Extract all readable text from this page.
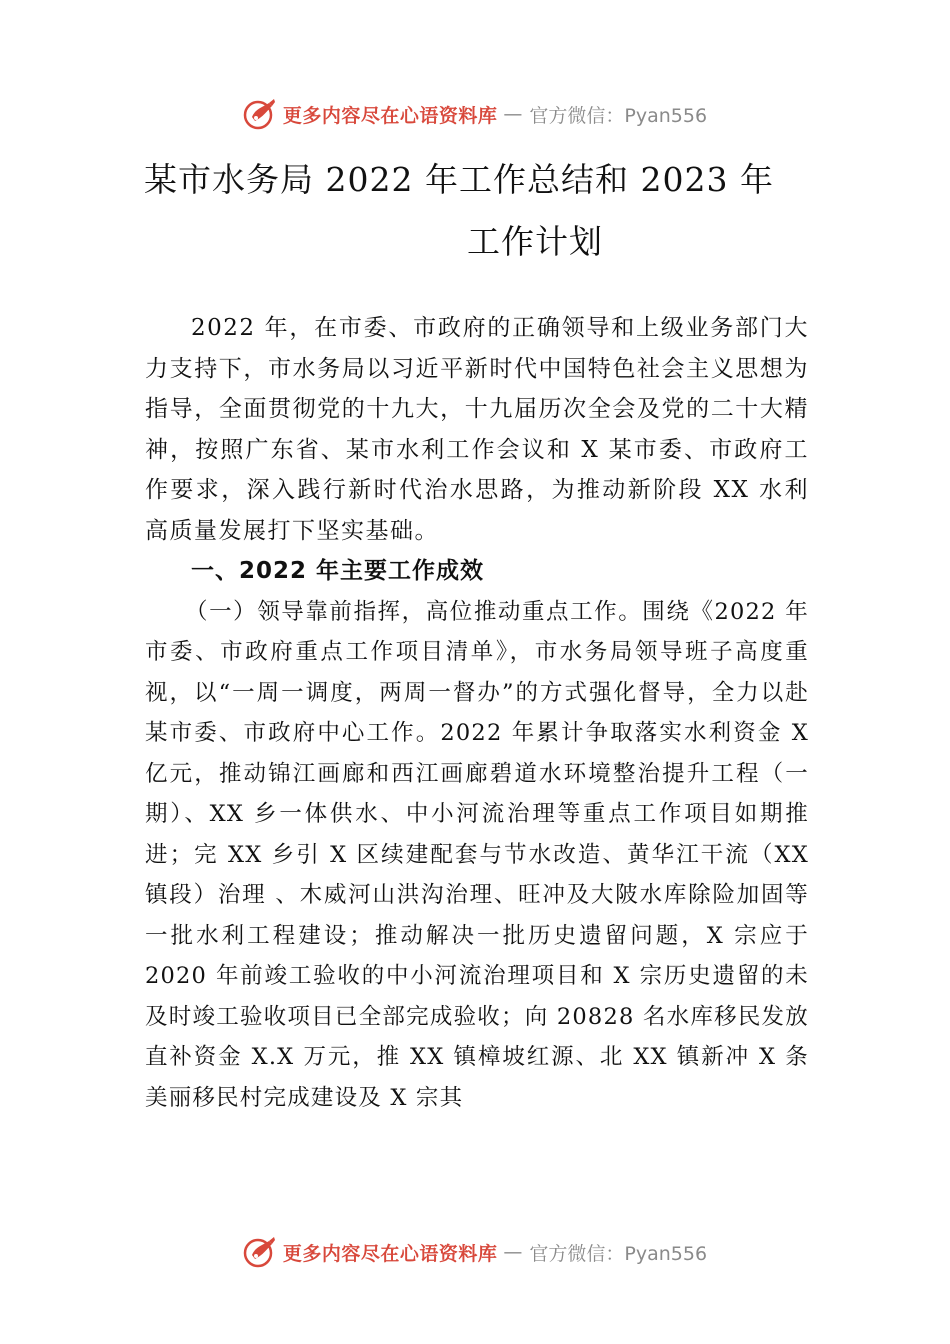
更多内容尽在心语资料库 — 官方微信：Pyan556
某市水务局 2022 年工作总结和 2023 年
工作计划

2022 年，在市委、市政府的正确领导和上级业务部门大力支持下，市水务局以习近平新时代中国特色社会主义思想为指导，全面贯彻党的十九大，十九届历次全会及党的二十大精神，按照广东省、某市水利工作会议和 X 某市委、市政府工作要求，深入践行新时代治水思路，为推动新阶段 XX 水利高质量发展打下坚实基础。

一、2022 年主要工作成效

（一）领导靠前指挥，高位推动重点工作。围绕《2022 年市委、市政府重点工作项目清单》，市水务局领导班子高度重视，以“一周一调度，两周一督办”的方式强化督导，全力以赴某市委、市政府中心工作。2022 年累计争取落实水利资金 X 亿元，推动锦江画廊和西江画廊碧道水环境整治提升工程（一期）、XX 乡一体供水、中小河流治理等重点工作项目如期推进；完 XX 乡引 X 区续建配套与节水改造、黄华江干流（XX 镇段）治理 、木威河山洪沟治理、旺冲及大陂水库除险加固等一批水利工程建设；推动解决一批历史遗留问题，X 宗应于 2020 年前竣工验收的中小河流治理项目和 X 宗历史遗留的未及时竣工验收项目已全部完成验收；向 20828 名水库移民发放直补资金 X.X 万元，推 XX 镇樟坡红源、北 XX 镇新冲 X 条美丽移民村完成建设及 X 宗其

更多内容尽在心语资料库 — 官方微信：Pyan556
